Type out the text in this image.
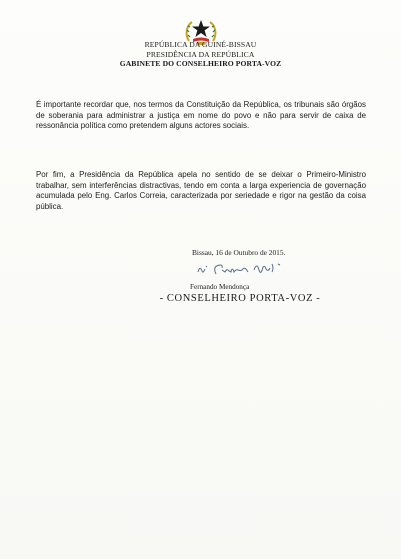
REPÚBLICA DA GUINÉ-BISSAU
PRESIDÊNCIA DA REPÚBLICA
GABINETE DO CONSELHEIRO PORTA-VOZ
É importante recordar que, nos termos da Constituição da República, os tribunais são órgãos de soberania para administrar a justiça em nome do povo e não para servir de caixa de ressonância política como pretendem alguns actores sociais.
Por fim, a Presidência da República apela no sentido de se deixar o Primeiro-Ministro trabalhar, sem interferências distractivas, tendo em conta a larga experiencia de governação acumulada pelo Eng. Carlos Correia, caracterizada por seriedade e rigor na gestão da coisa pública.
Bissau, 16 de Outubro de 2015.
Fernando Mendonça
- CONSELHEIRO PORTA-VOZ -
